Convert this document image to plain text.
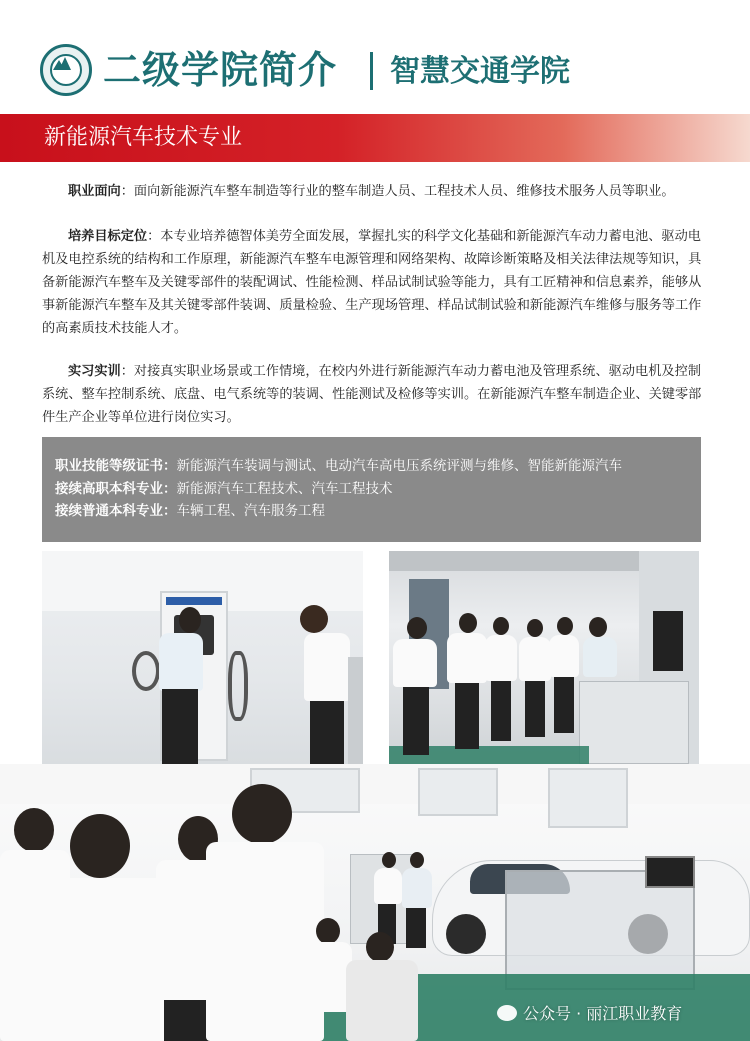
二级学院简介 智慧交通学院
新能源汽车技术专业
职业面向：面向新能源汽车整车制造等行业的整车制造人员、工程技术人员、维修技术服务人员等职业。
培养目标定位：本专业培养德智体美劳全面发展，掌握扎实的科学文化基础和新能源汽车动力蓄电池、驱动电机及电控系统的结构和工作原理，新能源汽车整车电源管理和网络架构、故障诊断策略及相关法律法规等知识，具备新能源汽车整车及关键零部件的装配调试、性能检测、样品试制试验等能力，具有工匠精神和信息素养，能够从事新能源汽车整车及其关键零部件装调、质量检验、生产现场管理、样品试制试验和新能源汽车维修与服务等工作的高素质技术技能人才。
实习实训：对接真实职业场景或工作情境，在校内外进行新能源汽车动力蓄电池及管理系统、驱动电机及控制系统、整车控制系统、底盘、电气系统等的装调、性能测试及检修等实训。在新能源汽车整车制造企业、关键零部件生产企业等单位进行岗位实习。
职业技能等级证书：新能源汽车装调与测试、电动汽车高电压系统评测与维修、智能新能源汽车
接续高职本科专业：新能源汽车工程技术、汽车工程技术
接续普通本科专业：车辆工程、汽车服务工程
公众号 · 丽江职业教育
